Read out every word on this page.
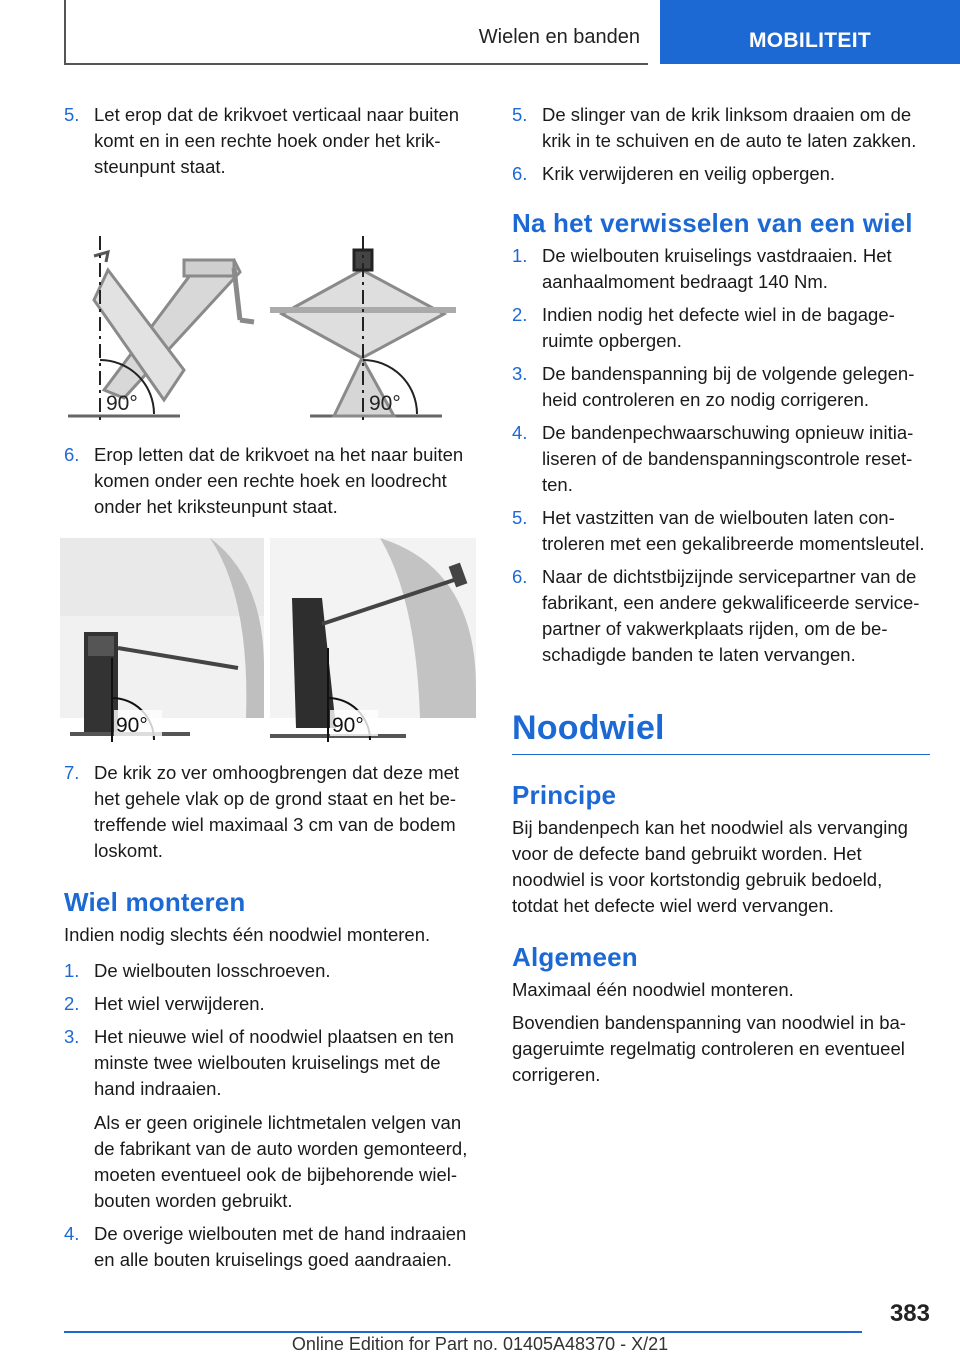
Wielen en banden	MOBILITEIT
5. Let erop dat de krikvoet verticaal naar buiten komt en in een rechte hoek onder het kriksteunpunt staat.
90°	90°
6. Erop letten dat de krikvoet na het naar buiten komen onder een rechte hoek en loodrecht onder het kriksteunpunt staat.
90°	90°
7. De krik zo ver omhoogbrengen dat deze met het gehele vlak op de grond staat en het betreffende wiel maximaal 3 cm van de bodem loskomt.
Wiel monteren
Indien nodig slechts één noodwiel monteren.
1. De wielbouten losschroeven.
2. Het wiel verwijderen.
3. Het nieuwe wiel of noodwiel plaatsen en ten minste twee wielbouten kruiselings met de hand indraaien.
Als er geen originele lichtmetalen velgen van de fabrikant van de auto worden gemonteerd, moeten eventueel ook de bijbehorende wielbouten worden gebruikt.
4. De overige wielbouten met de hand indraaien en alle bouten kruiselings goed aandraaien.
5. De slinger van de krik linksom draaien om de krik in te schuiven en de auto te laten zakken.
6. Krik verwijderen en veilig opbergen.
Na het verwisselen van een wiel
1. De wielbouten kruiselings vastdraaien. Het aanhaalmoment bedraagt 140 Nm.
2. Indien nodig het defecte wiel in de bagageruimte opbergen.
3. De bandenspanning bij de volgende gelegenheid controleren en zo nodig corrigeren.
4. De bandenpechwaarschuwing opnieuw initialiseren of de bandenspanningscontrole resetten.
5. Het vastzitten van de wielbouten laten controleren met een gekalibreerde momentsleutel.
6. Naar de dichtstbijzijnde servicepartner van de fabrikant, een andere gekwalificeerde servicepartner of vakwerkplaats rijden, om de beschadigde banden te laten vervangen.
Noodwiel
Principe
Bij bandenpech kan het noodwiel als vervanging voor de defecte band gebruikt worden. Het noodwiel is voor kortstondig gebruik bedoeld, totdat het defecte wiel werd vervangen.
Algemeen
Maximaal één noodwiel monteren.
Bovendien bandenspanning van noodwiel in bagageruimte regelmatig controleren en eventueel corrigeren.
383
Online Edition for Part no. 01405A48370 - X/21
